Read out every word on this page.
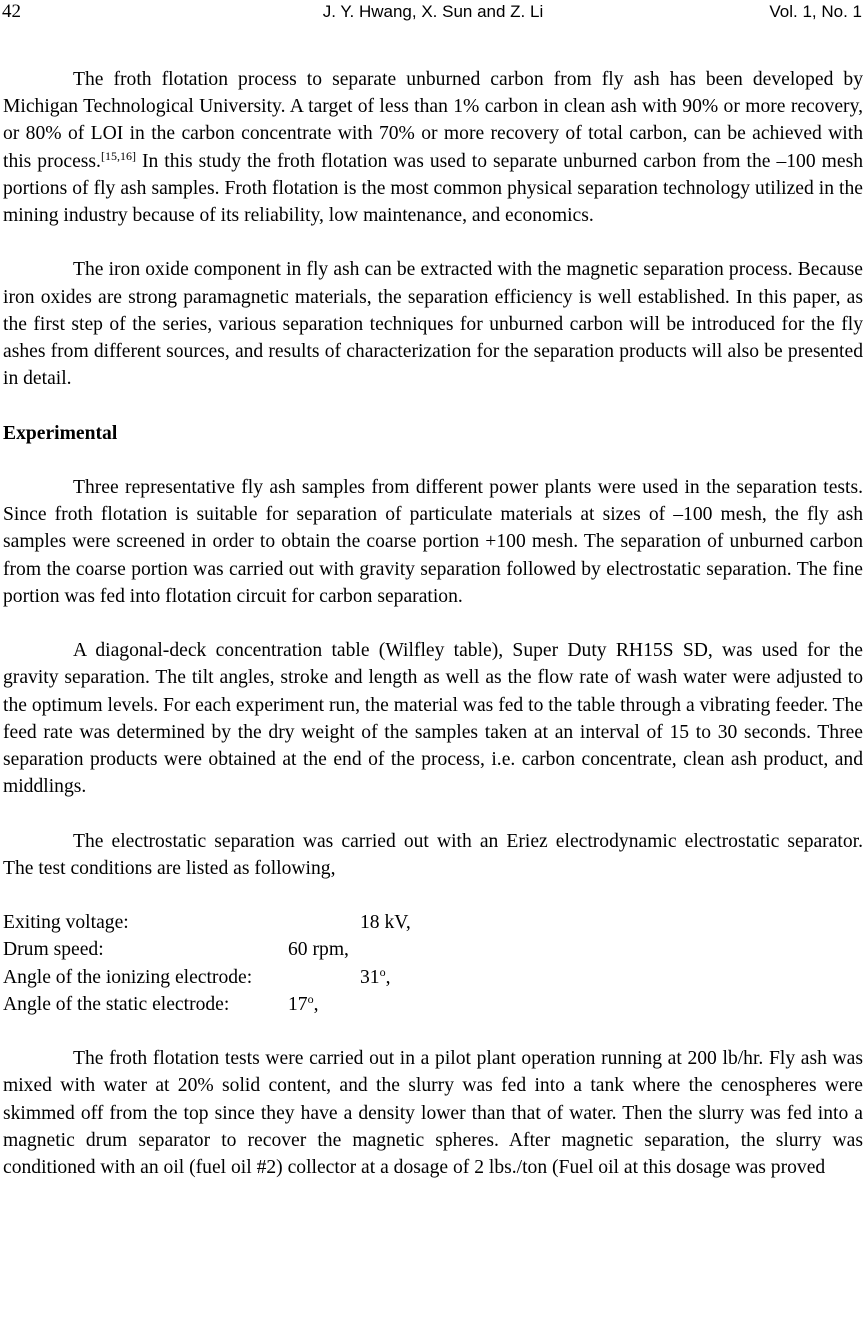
42	J. Y. Hwang, X. Sun and Z. Li	Vol. 1, No. 1

The froth flotation process to separate unburned carbon from fly ash has been developed by Michigan Technological University. A target of less than 1% carbon in clean ash with 90% or more recovery, or 80% of LOI in the carbon concentrate with 70% or more recovery of total carbon, can be achieved with this process.[15,16] In this study the froth flotation was used to separate unburned carbon from the –100 mesh portions of fly ash samples. Froth flotation is the most common physical separation technology utilized in the mining industry because of its reliability, low maintenance, and economics.

The iron oxide component in fly ash can be extracted with the magnetic separation process. Because iron oxides are strong paramagnetic materials, the separation efficiency is well established. In this paper, as the first step of the series, various separation techniques for unburned carbon will be introduced for the fly ashes from different sources, and results of characterization for the separation products will also be presented in detail.

Experimental

Three representative fly ash samples from different power plants were used in the separation tests. Since froth flotation is suitable for separation of particulate materials at sizes of –100 mesh, the fly ash samples were screened in order to obtain the coarse portion +100 mesh. The separation of unburned carbon from the coarse portion was carried out with gravity separation followed by electrostatic separation. The fine portion was fed into flotation circuit for carbon separation.

A diagonal-deck concentration table (Wilfley table), Super Duty RH15S SD, was used for the gravity separation. The tilt angles, stroke and length as well as the flow rate of wash water were adjusted to the optimum levels. For each experiment run, the material was fed to the table through a vibrating feeder. The feed rate was determined by the dry weight of the samples taken at an interval of 15 to 30 seconds. Three separation products were obtained at the end of the process, i.e. carbon concentrate, clean ash product, and middlings.

The electrostatic separation was carried out with an Eriez electrodynamic electrostatic separator. The test conditions are listed as following,

Exiting voltage:	18 kV,
Drum speed:	60 rpm,
Angle of the ionizing electrode:	31$^o$,
Angle of the static electrode:	17$^o$,

The froth flotation tests were carried out in a pilot plant operation running at 200 lb/hr. Fly ash was mixed with water at 20% solid content, and the slurry was fed into a tank where the cenospheres were skimmed off from the top since they have a density lower than that of water. Then the slurry was fed into a magnetic drum separator to recover the magnetic spheres. After magnetic separation, the slurry was conditioned with an oil (fuel oil #2) collector at a dosage of 2 lbs./ton (Fuel oil at this dosage was proved
